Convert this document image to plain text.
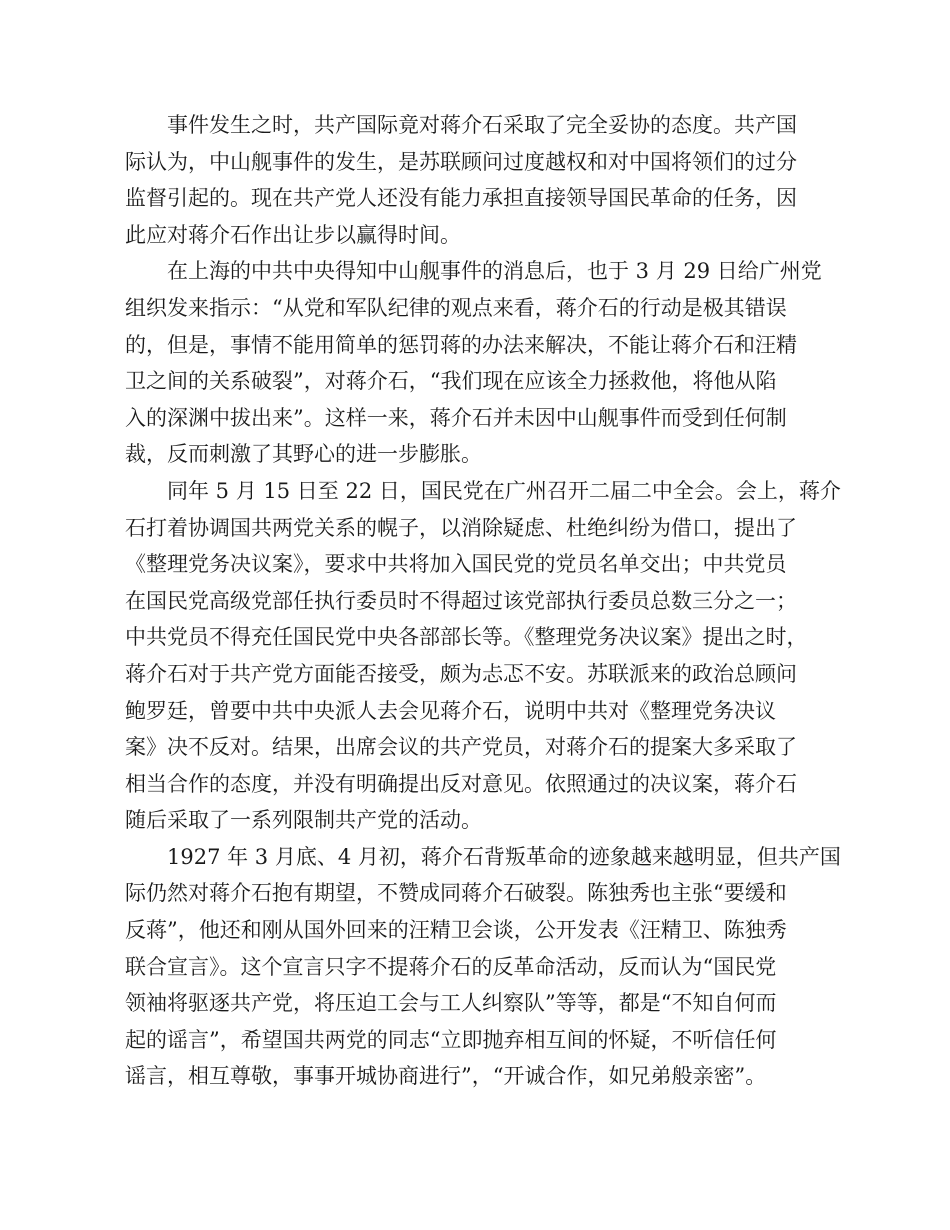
事件发生之时，共产国际竟对蒋介石采取了完全妥协的态度。共产国
际认为，中山舰事件的发生，是苏联顾问过度越权和对中国将领们的过分
监督引起的。现在共产党人还没有能力承担直接领导国民革命的任务，因
此应对蒋介石作出让步以赢得时间。
在上海的中共中央得知中山舰事件的消息后，也于 3 月 29 日给广州党
组织发来指示：“从党和军队纪律的观点来看，蒋介石的行动是极其错误
的，但是，事情不能用简单的惩罚蒋的办法来解决，不能让蒋介石和汪精
卫之间的关系破裂”，对蒋介石，“我们现在应该全力拯救他，将他从陷
入的深渊中拔出来”。这样一来，蒋介石并未因中山舰事件而受到任何制
裁，反而刺激了其野心的进一步膨胀。
同年 5 月 15 日至 22 日，国民党在广州召开二届二中全会。会上，蒋介
石打着协调国共两党关系的幌子，以消除疑虑、杜绝纠纷为借口，提出了
《整理党务决议案》，要求中共将加入国民党的党员名单交出；中共党员
在国民党高级党部任执行委员时不得超过该党部执行委员总数三分之一；
中共党员不得充任国民党中央各部部长等。《整理党务决议案》提出之时，
蒋介石对于共产党方面能否接受，颇为忐忑不安。苏联派来的政治总顾问
鲍罗廷，曾要中共中央派人去会见蒋介石，说明中共对《整理党务决议
案》决不反对。结果，出席会议的共产党员，对蒋介石的提案大多采取了
相当合作的态度，并没有明确提出反对意见。依照通过的决议案，蒋介石
随后采取了一系列限制共产党的活动。
1927 年 3 月底、4 月初，蒋介石背叛革命的迹象越来越明显，但共产国
际仍然对蒋介石抱有期望，不赞成同蒋介石破裂。陈独秀也主张“要缓和
反蒋”，他还和刚从国外回来的汪精卫会谈，公开发表《汪精卫、陈独秀
联合宣言》。这个宣言只字不提蒋介石的反革命活动，反而认为“国民党
领袖将驱逐共产党，将压迫工会与工人纠察队”等等，都是“不知自何而
起的谣言”，希望国共两党的同志“立即抛弃相互间的怀疑，不听信任何
谣言，相互尊敬，事事开城协商进行”，“开诚合作，如兄弟般亲密”。
